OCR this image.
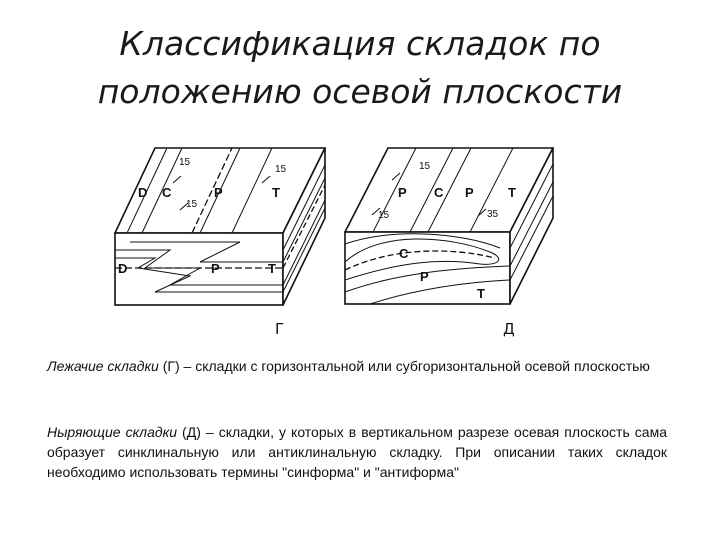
Классификация складок по
положению осевой плоскости
D C	P	T
D	P	T
15
15
15
P C P	T
C
P
T
15
15	35
Г	Д
Лежачие складки (Г) – складки с горизонтальной или субгоризонтальной осевой плоскостью
Ныряющие складки (Д) – складки, у которых в вертикальном разрезе осевая плоскость сама образует синклинальную или антиклинальную складку. При описании таких складок необходимо использовать термины "синформа" и "антиформа"
